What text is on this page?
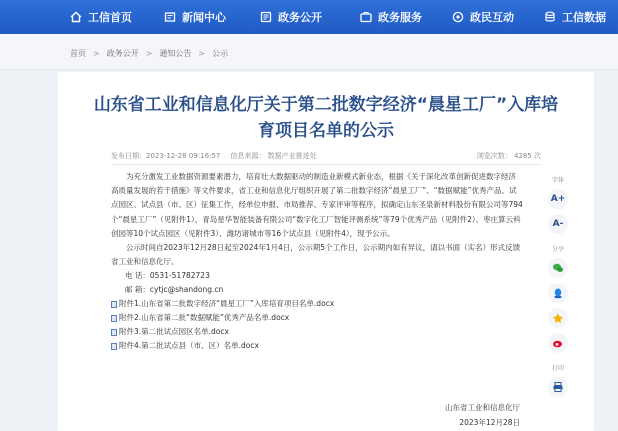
工信首页	新闻中心	政务公开	政务服务	政民互动	工信数据
首页 > 政务公开 > 通知公告 > 公示
山东省工业和信息化厅关于第二批数字经济“晨星工厂”入库培育项目名单的公示
发布日期：2023-12-28 09:16:57 信息来源： 数据产业推进处	浏览次数： 4285 次

为充分激发工业数据资源要素潜力，培育壮大数据驱动的制造业新模式新业态，根据《关于深化改革创新促进数字经济高质量发展的若干措施》等文件要求，省工业和信息化厅组织开展了第二批数字经济“晨星工厂”、“数据赋能”优秀产品、试点园区、试点县（市、区）征集工作，经单位申报、市局推荐、专家评审等程序，拟确定山东圣泉新材料股份有限公司等794个“晨星工厂”（见附件1）、青岛星华智能装备有限公司“数字化工厂智能评测系统”等79个优秀产品（见附件2）、枣庄算云科创园等10个试点园区（见附件3）、潍坊诸城市等16个试点县（见附件4），现予公示。

公示时间自2023年12月28日起至2024年1月4日，公示期5个工作日，公示期内如有异议，请以书面（实名）形式反馈省工业和信息化厅。

电 话：0531-51782723
邮 箱：cytjc@shandong.cn
附件1.山东省第二批数字经济“晨星工厂”入库培育项目名单.docx
附件2.山东省第二批“数据赋能”优秀产品名单.docx
附件3.第二批试点园区名单.docx
附件4.第二批试点县（市、区）名单.docx
山东省工业和信息化厅
2023年12月28日
字体
A+
A-
分享
打印
